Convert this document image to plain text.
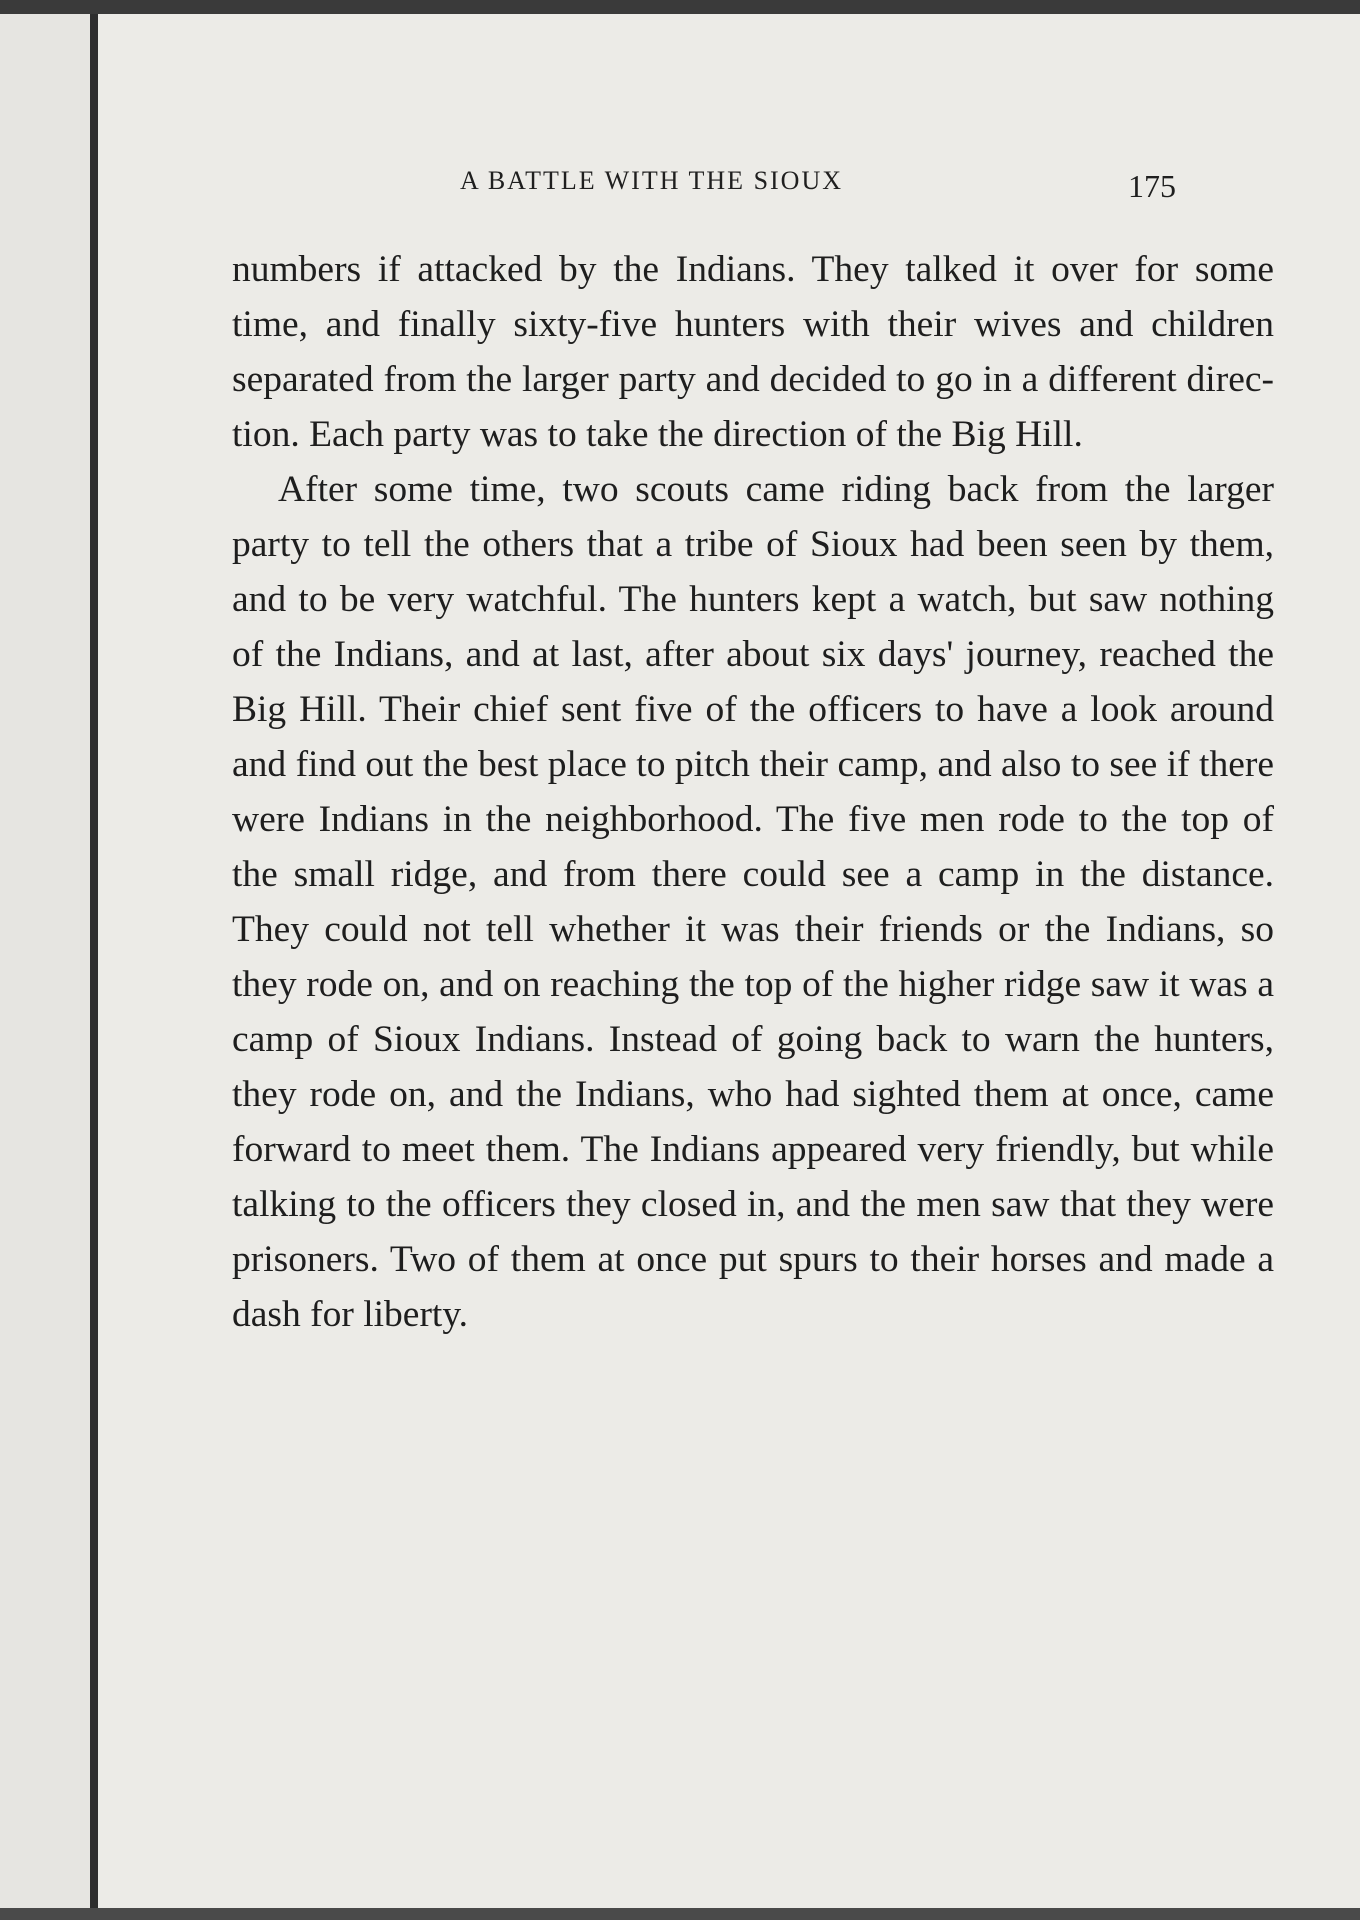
A BATTLE WITH THE SIOUX	175

numbers if attacked by the Indians. They talked it over for some time, and finally sixty-five hunters with their wives and children separated from the larger party and decided to go in a different direction. Each party was to take the direction of the Big Hill.

After some time, two scouts came riding back from the larger party to tell the others that a tribe of Sioux had been seen by them, and to be very watchful. The hunters kept a watch, but saw nothing of the Indians, and at last, after about six days' journey, reached the Big Hill. Their chief sent five of the officers to have a look around and find out the best place to pitch their camp, and also to see if there were Indians in the neighborhood. The five men rode to the top of the small ridge, and from there could see a camp in the distance. They could not tell whether it was their friends or the Indians, so they rode on, and on reaching the top of the higher ridge saw it was a camp of Sioux Indians. Instead of going back to warn the hunters, they rode on, and the Indians, who had sighted them at once, came forward to meet them. The Indians appeared very friendly, but while talking to the officers they closed in, and the men saw that they were prisoners. Two of them at once put spurs to their horses and made a dash for liberty.
